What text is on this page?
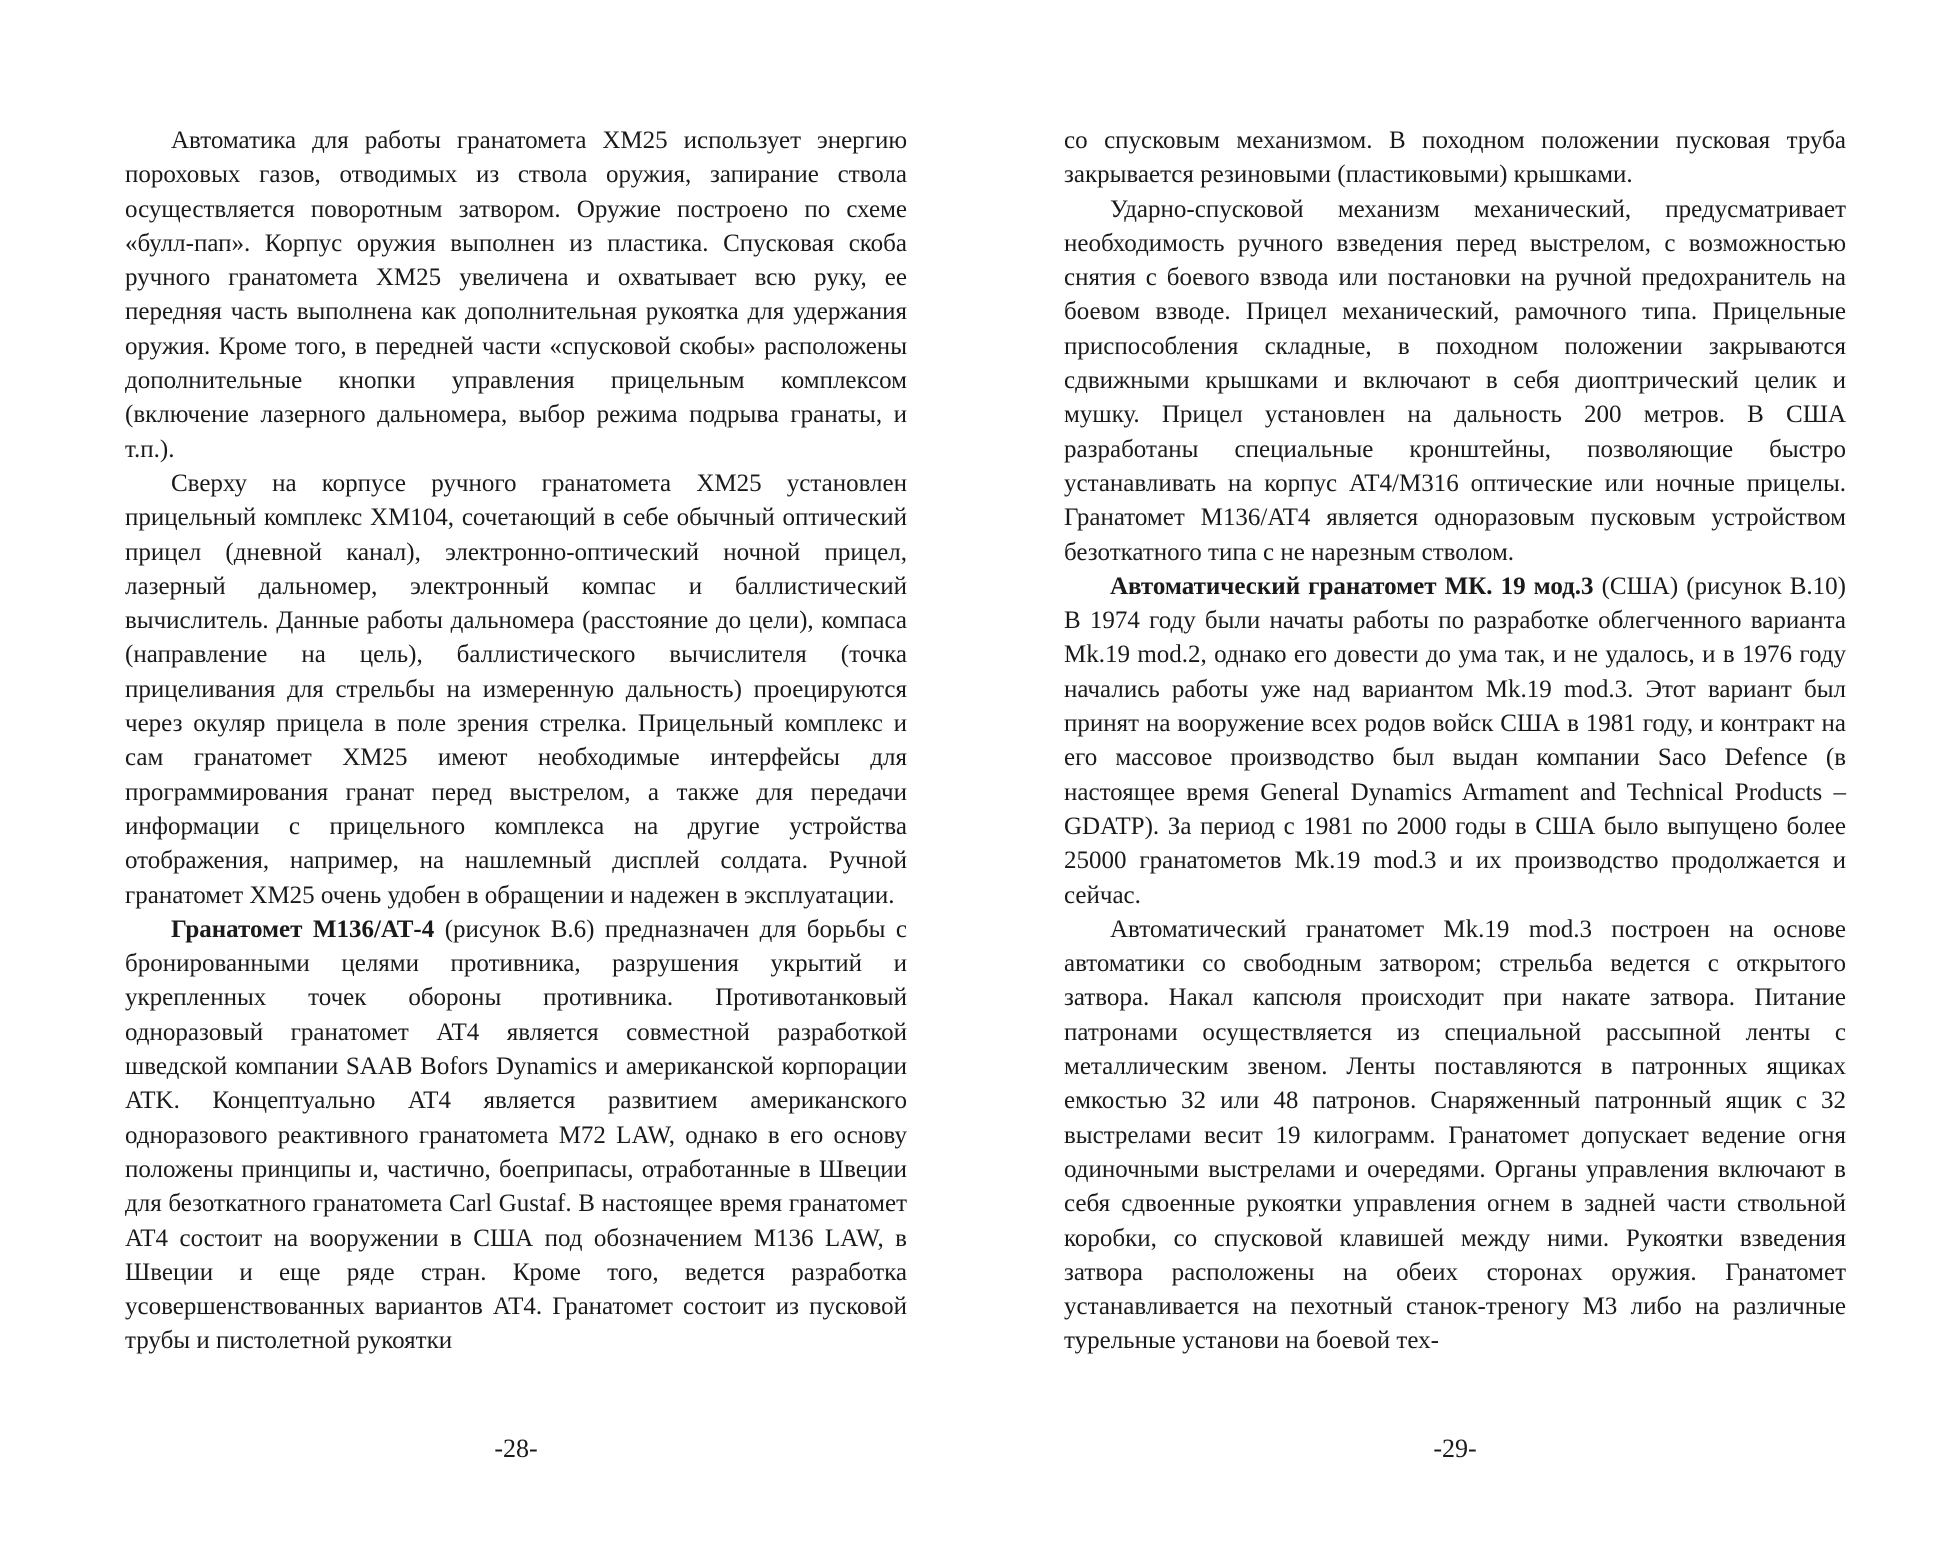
Автоматика для работы гранатомета XM25 использует энергию пороховых газов, отводимых из ствола оружия, запирание ствола осуществляется поворотным затвором. Оружие построено по схеме «булл-пап». Корпус оружия выполнен из пластика. Спусковая скоба ручного гранатомета XM25 увеличена и охватывает всю руку, ее передняя часть выполнена как дополнительная рукоятка для удержания оружия. Кроме того, в передней части «спусковой скобы» расположены дополнительные кнопки управления прицельным комплексом (включение лазерного дальномера, выбор режима подрыва гранаты, и т.п.).

Сверху на корпусе ручного гранатомета XM25 установлен прицельный комплекс XM104, сочетающий в себе обычный оптический прицел (дневной канал), электронно-оптический ночной прицел, лазерный дальномер, электронный компас и баллистический вычислитель. Данные работы дальномера (расстояние до цели), компаса (направление на цель), баллистического вычислителя (точка прицеливания для стрельбы на измеренную дальность) проецируются через окуляр прицела в поле зрения стрелка. Прицельный комплекс и сам гранатомет XM25 имеют необходимые интерфейсы для программирования гранат перед выстрелом, а также для передачи информации с прицельного комплекса на другие устройства отображения, например, на нашлемный дисплей солдата. Ручной гранатомет XM25 очень удобен в обращении и надежен в эксплуатации.

Гранатомет М136/АТ-4 (рисунок В.6) предназначен для борьбы с бронированными целями противника, разрушения укрытий и укрепленных точек обороны противника. Противотанковый одноразовый гранатомет AT4 является совместной разработкой шведской компании SAAB Bofors Dynamics и американской корпорации ATK. Концептуально AT4 является развитием американского одноразового реактивного гранатомета M72 LAW, однако в его основу положены принципы и, частично, боеприпасы, отработанные в Швеции для безоткатного гранатомета Carl Gustaf. В настоящее время гранатомет AT4 состоит на вооружении в США под обозначением M136 LAW, в Швеции и еще ряде стран. Кроме того, ведется разработка усовершенствованных вариантов AT4. Гранатомет состоит из пусковой трубы и пистолетной рукоятки

-28-

со спусковым механизмом. В походном положении пусковая труба закрывается резиновыми (пластиковыми) крышками.

Ударно-спусковой механизм механический, предусматривает необходимость ручного взведения перед выстрелом, с возможностью снятия с боевого взвода или постановки на ручной предохранитель на боевом взводе. Прицел механический, рамочного типа. Прицельные приспособления складные, в походном положении закрываются сдвижными крышками и включают в себя диоптрический целик и мушку. Прицел установлен на дальность 200 метров. В США разработаны специальные кронштейны, позволяющие быстро устанавливать на корпус AT4/M316 оптические или ночные прицелы. Гранатомет M136/AT4 является одноразовым пусковым устройством безоткатного типа с не нарезным стволом.

Автоматический гранатомет МК. 19 мод.3 (США) (рисунок В.10) В 1974 году были начаты работы по разработке облегченного варианта Mk.19 mod.2, однако его довести до ума так, и не удалось, и в 1976 году начались работы уже над вариантом Mk.19 mod.3. Этот вариант был принят на вооружение всех родов войск США в 1981 году, и контракт на его массовое производство был выдан компании Saco Defence (в настоящее время General Dynamics Armament and Technical Products – GDATP). За период с 1981 по 2000 годы в США было выпущено более 25000 гранатометов Mk.19 mod.3 и их производство продолжается и сейчас.

Автоматический гранатомет Mk.19 mod.3 построен на основе автоматики со свободным затвором; стрельба ведется с открытого затвора. Накал капсюля происходит при накате затвора. Питание патронами осуществляется из специальной рассыпной ленты с металлическим звеном. Ленты поставляются в патронных ящиках емкостью 32 или 48 патронов. Снаряженный патронный ящик с 32 выстрелами весит 19 килограмм. Гранатомет допускает ведение огня одиночными выстрелами и очередями. Органы управления включают в себя сдвоенные рукоятки управления огнем в задней части ствольной коробки, со спусковой клавишей между ними. Рукоятки взведения затвора расположены на обеих сторонах оружия. Гранатомет устанавливается на пехотный станок-треногу M3 либо на различные турельные установи на боевой тех-

-29-
